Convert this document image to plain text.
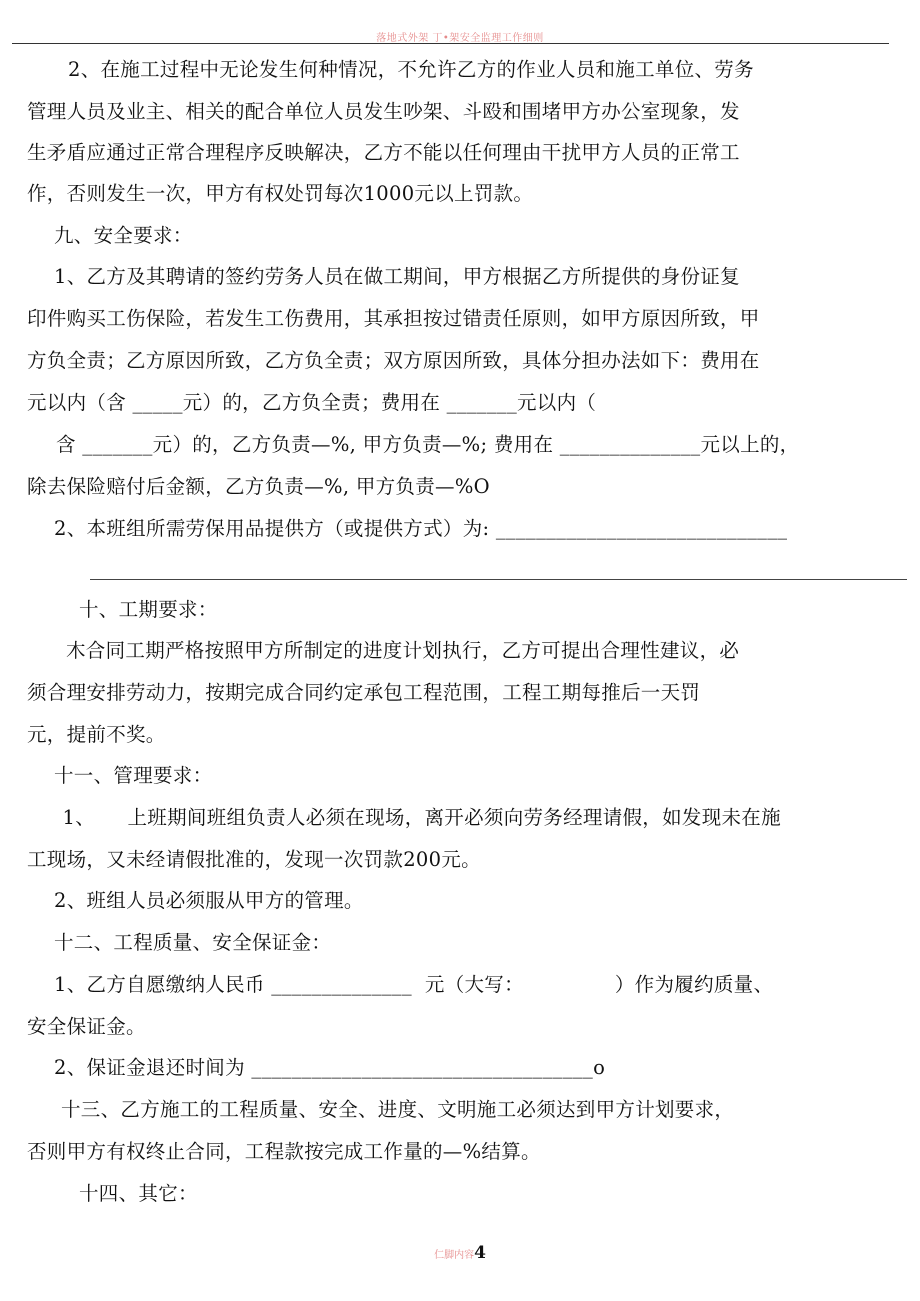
落地式外架 丁•架安全监理工作细则
2、在施工过程中无论发生何种情况，不允许乙方的作业人员和施工单位、劳务
管理人员及业主、相关的配合单位人员发生吵架、斗殴和围堵甲方办公室现象，发
生矛盾应通过正常合理程序反映解决，乙方不能以任何理由干扰甲方人员的正常工
作，否则发生一次，甲方有权处罚每次1000元以上罚款。
九、安全要求：
1、乙方及其聘请的签约劳务人员在做工期间，甲方根据乙方所提供的身份证复
印件购买工伤保险，若发生工伤费用，其承担按过错责任原则，如甲方原因所致，甲
方负全责；乙方原因所致，乙方负全责；双方原因所致，具体分担办法如下：费用在
元以内（含 _____元）的，乙方负全责；费用在 _______元以内（
含 _______元）的，乙方负责—%, 甲方负责—%; 费用在 ______________元以上的，
除去保险赔付后金额，乙方负责—%, 甲方负责—%O
2、本班组所需劳保用品提供方（或提供方式）为: _____________________________
十、工期要求：
木合同工期严格按照甲方所制定的进度计划执行，乙方可提出合理性建议，必
须合理安排劳动力，按期完成合同约定承包工程范围，工程工期每推后一天罚
元，提前不奖。
十一、管理要求：
1、     上班期间班组负责人必须在现场，离开必须向劳务经理请假，如发现未在施
工现场，又未经请假批准的，发现一次罚款200元。
2、班组人员必须服从甲方的管理。
十二、工程质量、安全保证金：
1、乙方自愿缴纳人民币 ______________  元（大写：              ）作为履约质量、
安全保证金。
2、保证金退还时间为 __________________________________o
十三、乙方施工的工程质量、安全、进度、文明施工必须达到甲方计划要求，
否则甲方有权终止合同，工程款按完成工作量的—%结算。
十四、其它：
仁脚内容4
